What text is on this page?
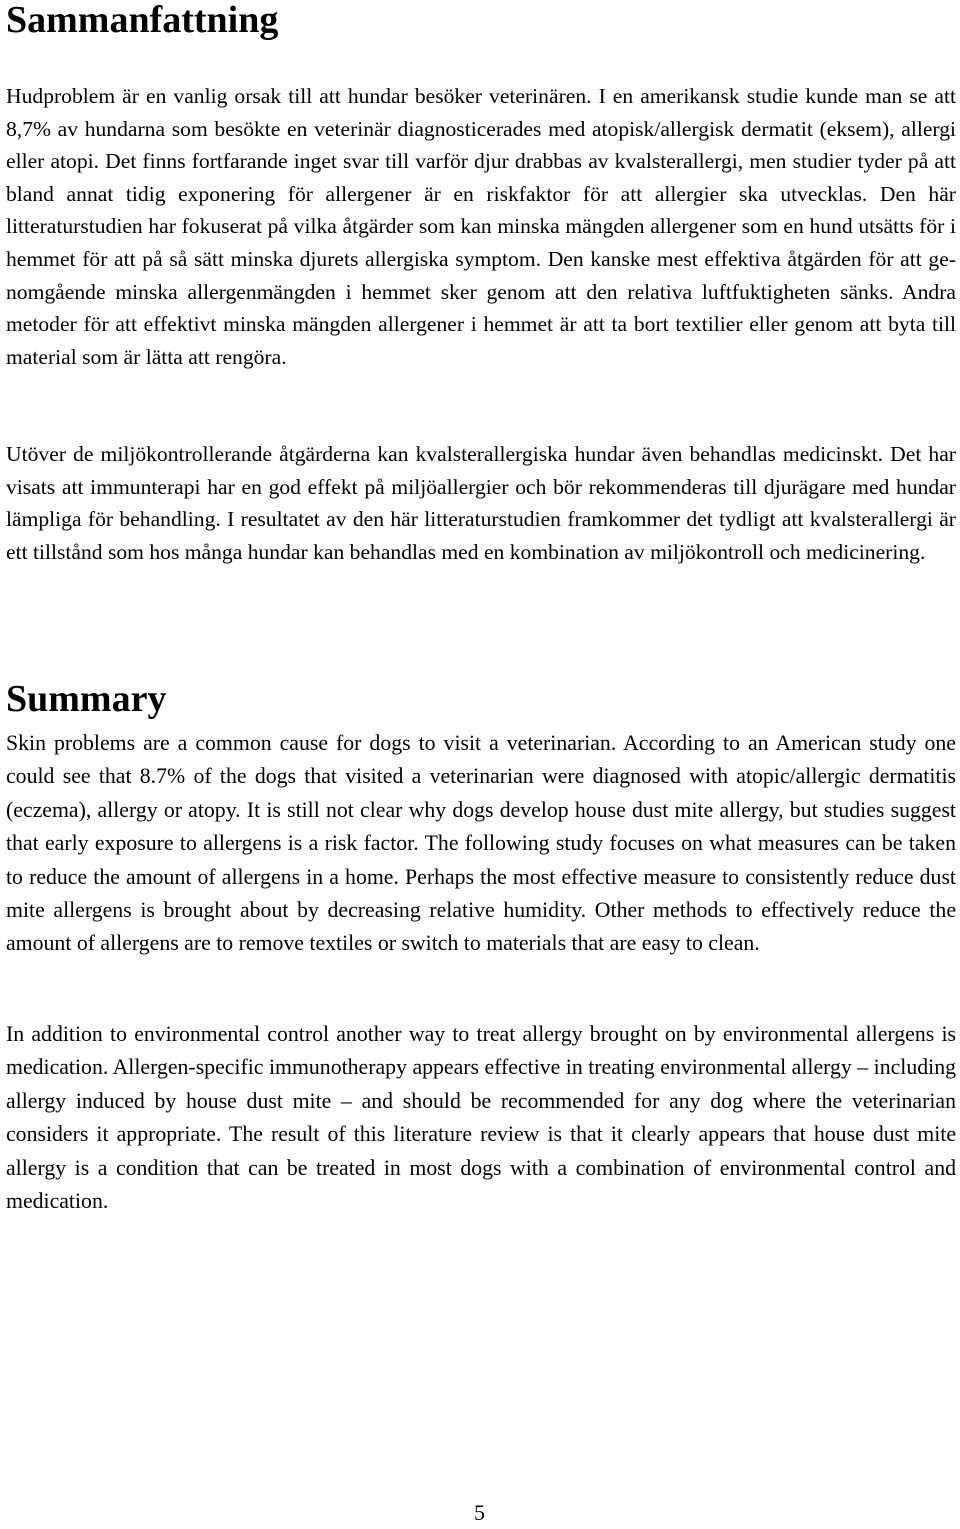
Sammanfattning

Hudproblem är en vanlig orsak till att hundar besöker veterinären. I en amerikansk studie kunde man se att 8,7% av hundarna som besökte en veterinär diagnosticerades med atopisk/allergisk dermatit (eksem), allergi eller atopi. Det finns fortfarande inget svar till varför djur drabbas av kvalsterallergi, men studier tyder på att bland annat tidig exponering för allergener är en riskfaktor för att allergier ska utvecklas. Den här litteraturstudien har fokuserat på vilka åtgärder som kan minska mängden allergener som en hund utsätts för i hemmet för att på så sätt minska djurets allergiska symptom. Den kanske mest effektiva åtgärden för att genomgående minska allergenmängden i hemmet sker genom att den relativa luftfuktigheten sänks. Andra metoder för att effektivt minska mängden allergener i hemmet är att ta bort textilier eller genom att byta till material som är lätta att rengöra.

Utöver de miljökontrollerande åtgärderna kan kvalsterallergiska hundar även behandlas medicinskt. Det har visats att immunterapi har en god effekt på miljöallergier och bör rekommenderas till djurägare med hundar lämpliga för behandling. I resultatet av den här litteraturstudien framkommer det tydligt att kvalsterallergi är ett tillstånd som hos många hundar kan behandlas med en kombination av miljökontroll och medicinering.

Summary

Skin problems are a common cause for dogs to visit a veterinarian. According to an American study one could see that 8.7% of the dogs that visited a veterinarian were diagnosed with atopic/allergic dermatitis (eczema), allergy or atopy. It is still not clear why dogs develop house dust mite allergy, but studies suggest that early exposure to allergens is a risk factor. The following study focuses on what measures can be taken to reduce the amount of allergens in a home. Perhaps the most effective measure to consistently reduce dust mite allergens is brought about by decreasing relative humidity. Other methods to effectively reduce the amount of allergens are to remove textiles or switch to materials that are easy to clean.

In addition to environmental control another way to treat allergy brought on by environmental allergens is medication. Allergen-specific immunotherapy appears effective in treating environmental allergy – including allergy induced by house dust mite – and should be recommended for any dog where the veterinarian considers it appropriate. The result of this literature review is that it clearly appears that house dust mite allergy is a condition that can be treated in most dogs with a combination of environmental control and medication.

5
